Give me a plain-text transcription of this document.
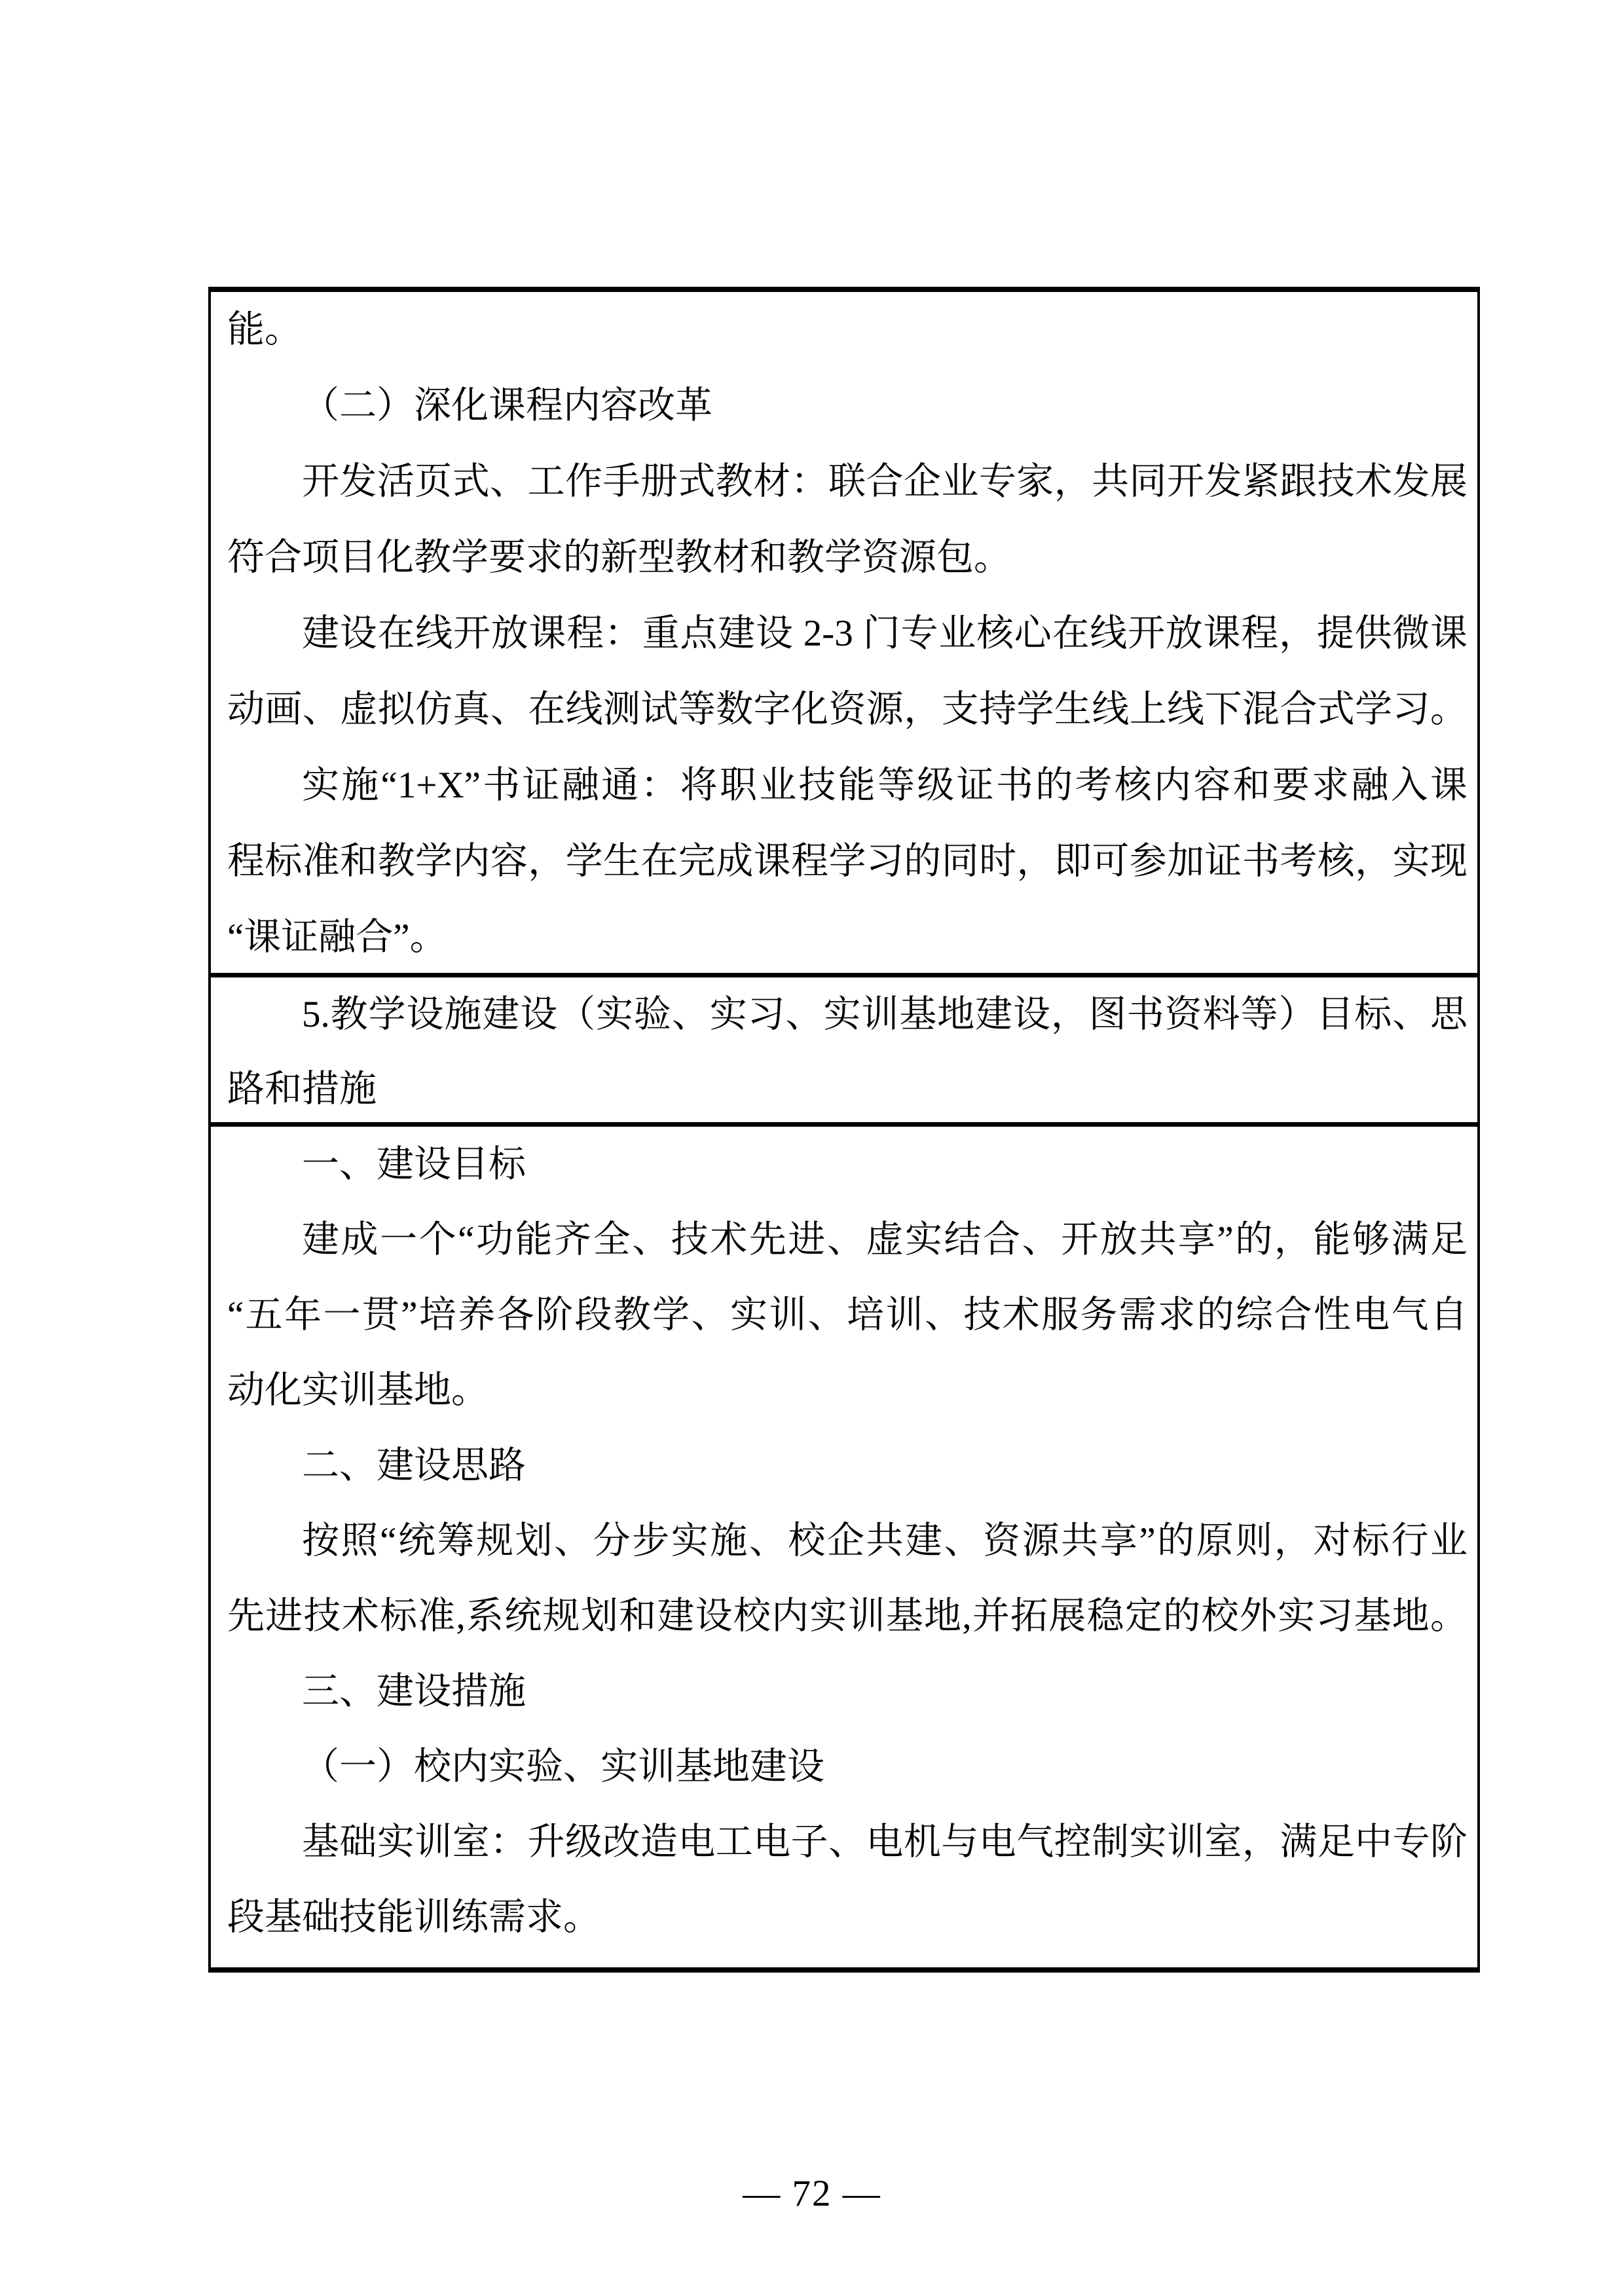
能。
（二）深化课程内容改革
开发活页式、工作手册式教材：联合企业专家，共同开发紧跟技术发展
符合项目化教学要求的新型教材和教学资源包。
建设在线开放课程：重点建设 2-3 门专业核心在线开放课程，提供微课
动画、虚拟仿真、在线测试等数字化资源，支持学生线上线下混合式学习。
实施“1+X”书证融通：将职业技能等级证书的考核内容和要求融入课
程标准和教学内容，学生在完成课程学习的同时，即可参加证书考核，实现
“课证融合”。
5.教学设施建设（实验、实习、实训基地建设，图书资料等）目标、思
路和措施
一、建设目标
建成一个“功能齐全、技术先进、虚实结合、开放共享”的，能够满足
“五年一贯”培养各阶段教学、实训、培训、技术服务需求的综合性电气自
动化实训基地。
二、建设思路
按照“统筹规划、分步实施、校企共建、资源共享”的原则，对标行业
先进技术标准,系统规划和建设校内实训基地,并拓展稳定的校外实习基地。
三、建设措施
（一）校内实验、实训基地建设
基础实训室：升级改造电工电子、电机与电气控制实训室，满足中专阶
段基础技能训练需求。
— 72 —
